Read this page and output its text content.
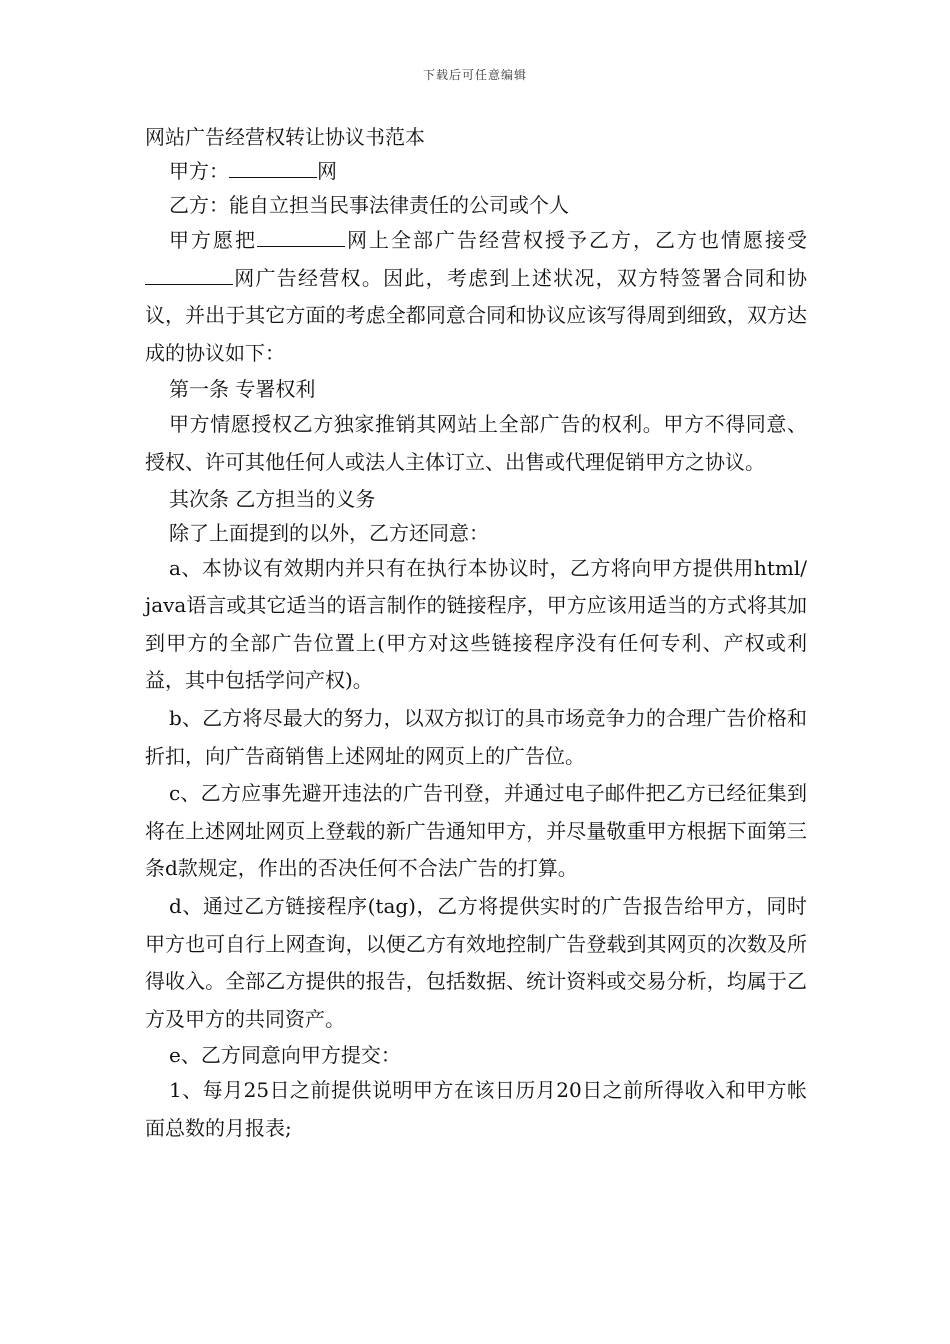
下载后可任意编辑
网站广告经营权转让协议书范本

甲方：	网

乙方：能自立担当民事法律责任的公司或个人

甲方愿把	网上全部广告经营权授予乙方，乙方也情愿接受网广告经营权。因此，考虑到上述状况，双方特签署合同和协议，并出于其它方面的考虑全都同意合同和协议应该写得周到细致，双方达成的协议如下：

第一条 专署权利

甲方情愿授权乙方独家推销其网站上全部广告的权利。甲方不得同意、授权、许可其他任何人或法人主体订立、出售或代理促销甲方之协议。

其次条 乙方担当的义务

除了上面提到的以外，乙方还同意：

a、本协议有效期内并只有在执行本协议时，乙方将向甲方提供用html/ java语言或其它适当的语言制作的链接程序，甲方应该用适当的方式将其加到甲方的全部广告位置上(甲方对这些链接程序没有任何专利、产权或利益，其中包括学问产权)。

b、乙方将尽最大的努力，以双方拟订的具市场竞争力的合理广告价格和折扣，向广告商销售上述网址的网页上的广告位。

c、乙方应事先避开违法的广告刊登，并通过电子邮件把乙方已经征集到将在上述网址网页上登载的新广告通知甲方，并尽量敬重甲方根据下面第三条d款规定，作出的否决任何不合法广告的打算。

d、通过乙方链接程序(tag)，乙方将提供实时的广告报告给甲方，同时甲方也可自行上网查询，以便乙方有效地控制广告登载到其网页的次数及所得收入。全部乙方提供的报告，包括数据、统计资料或交易分析，均属于乙方及甲方的共同资产。

e、乙方同意向甲方提交：

1、每月25日之前提供说明甲方在该日历月20日之前所得收入和甲方帐面总数的月报表;
